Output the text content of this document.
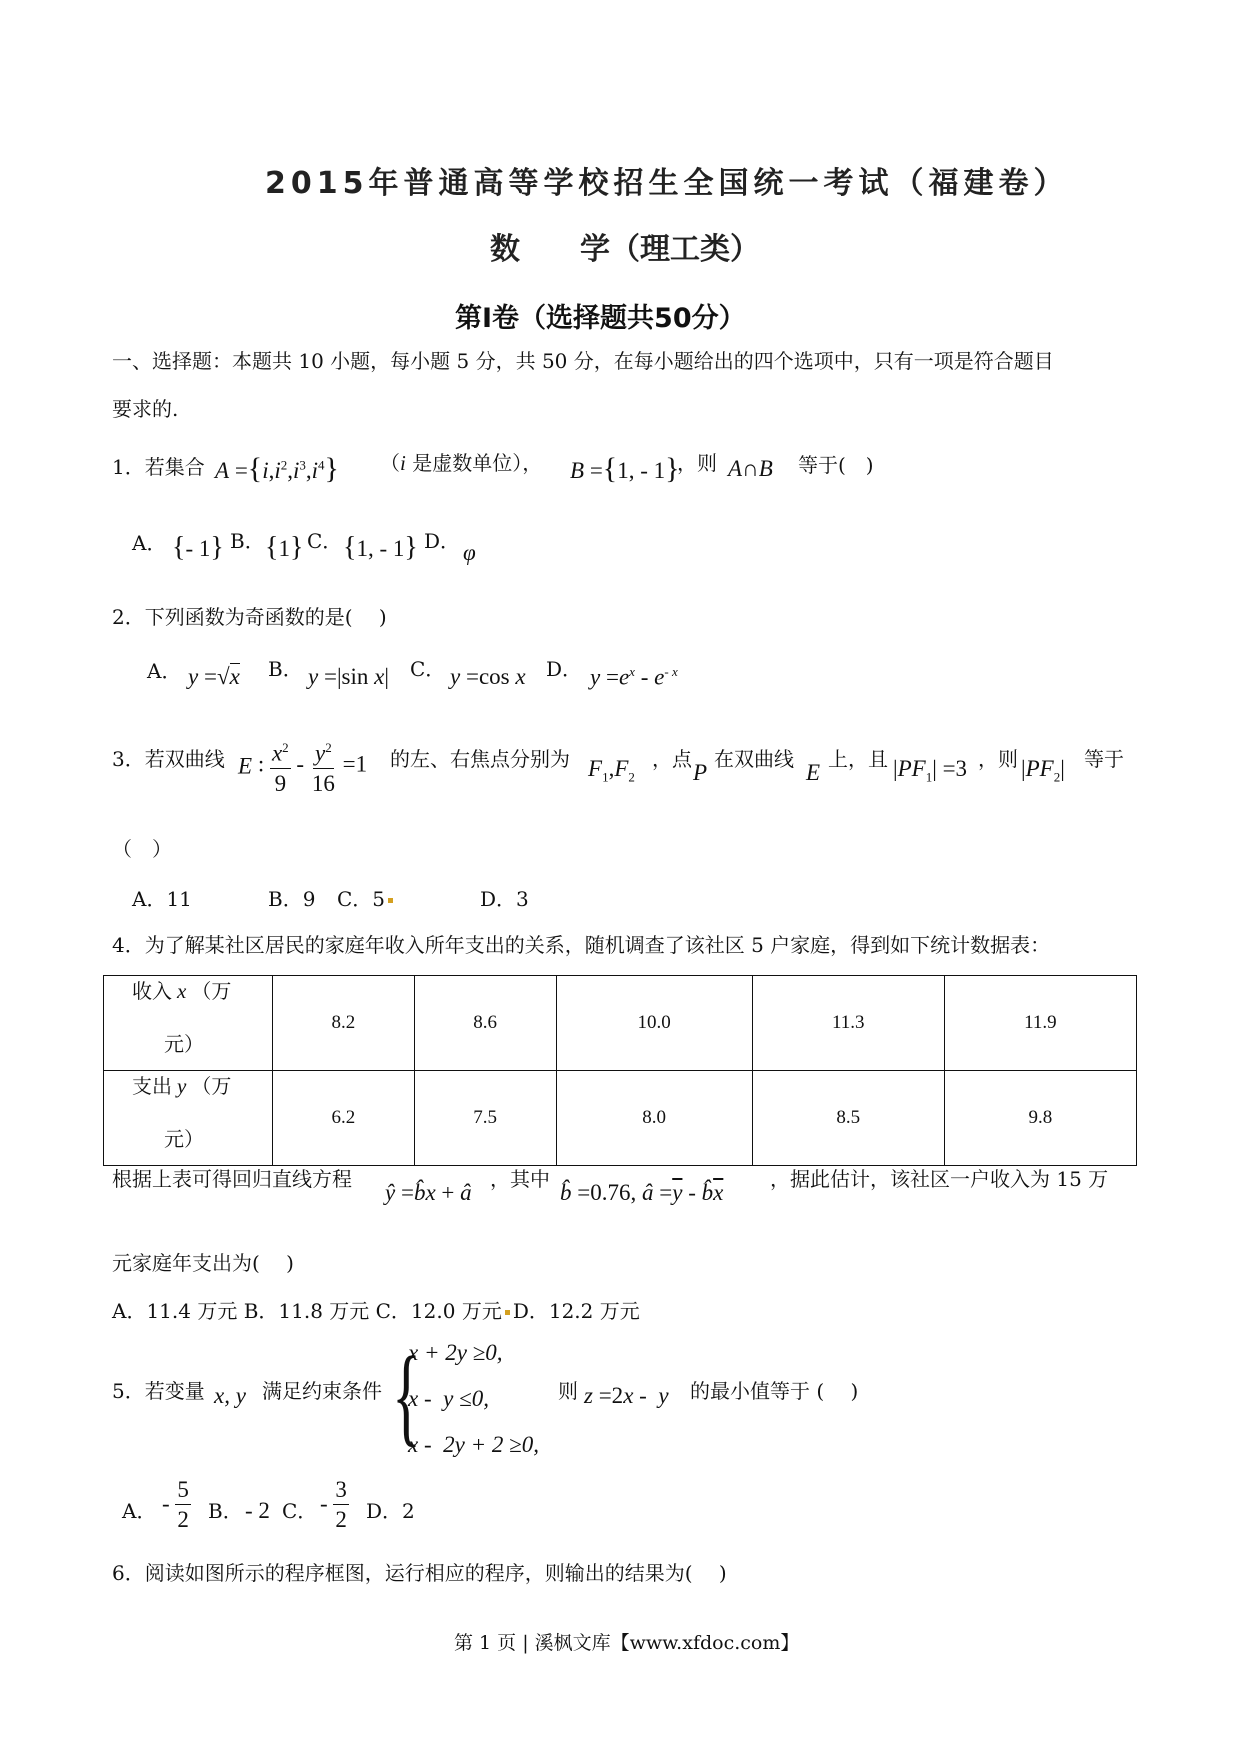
2015年普通高等学校招生全国统一考试（福建卷）
数　　学（理工类）
第Ⅰ卷（选择题共50分）
一、选择题：本题共 10 小题，每小题 5 分，共 50 分，在每小题给出的四个选项中，只有一项是符合题目
要求的.
1．若集合 $A =\{i,i^2,i^3,i^4\}$ （i 是虚数单位）， B ={1, - 1}
，则 A∩B 等于(　)
A． {- 1} B． {1} C． {1, - 1} D． φ
2．下列函数为奇函数的是(　 )
A． y =√x B． y =|sin x| C． y =cos x D． $y =e^x - e^{- x}$
3．若双曲线 E : $\frac{x^2}{9} - \frac{y^2}{16} =1$ 的左、右焦点分别为 $F_1,F_2$
，点
P
在双曲线
E
上，且 $|PF_1| =3$ ，则 $|PF_2|$ 等于
（　）
A．11	B．9 C．5	D．3
4．为了解某社区居民的家庭年收入所年支出的关系，随机调查了该社区 5 户家庭，得到如下统计数据表：
收入 x （万
元）	8.2	8.6	10.0	11.3	11.9

支出 y （万
元）	6.2	7.5	8.0	8.5	9.8
根据上表可得回归直线方程
ŷ =b̂x + â
，其中
b̂ =0.76, â $=\overline{y}$ - $b̂\overline{x}$
，据此估计，该社区一户收入为 15 万
元家庭年支出为(　 )
A．11.4 万元 B．11.8 万元 C．12.0 万元 D．12.2 万元
5．若变量 x, y 满足约束条件 {
x + 2y ≥0,
x -  y ≤0,
x -  2y + 2 ≥0,
则 z =2x -  y 的最小值等于 (　 )
A． - $\frac{5}{2}$ B． - 2 C． - $\frac{3}{2}$ D．2
6．阅读如图所示的程序框图，运行相应的程序，则输出的结果为(　 )
第 1 页 | 溪枫文库【www.xfdoc.com】
